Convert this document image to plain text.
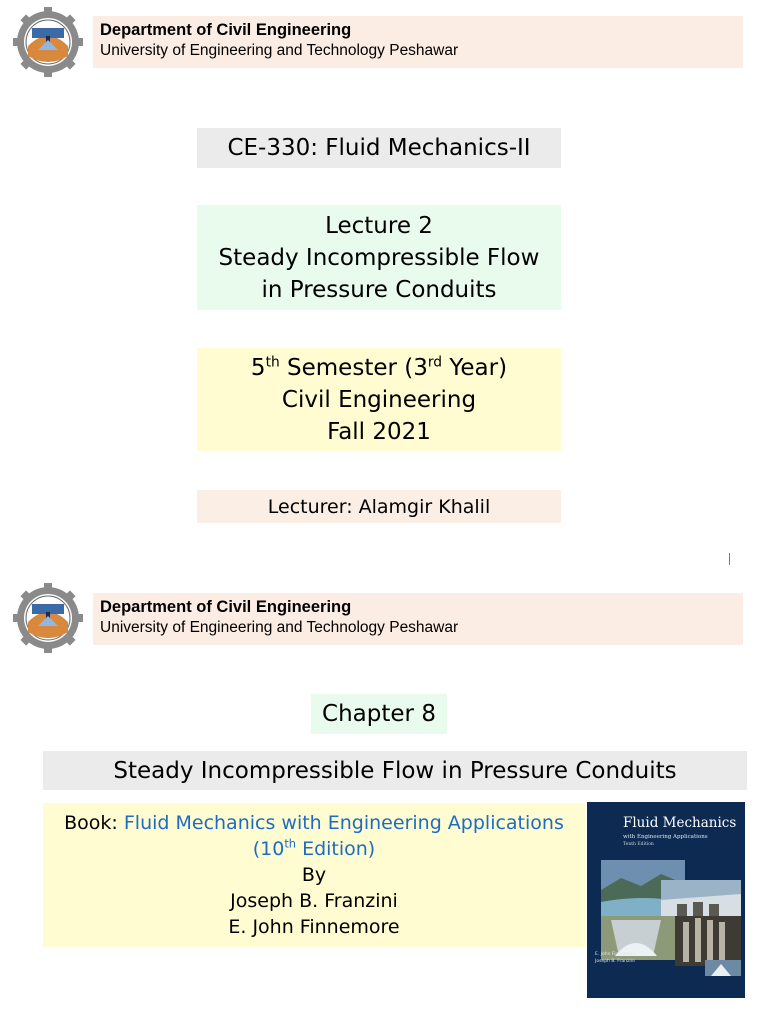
Department of Civil Engineering
University of Engineering and Technology Peshawar
CE-330: Fluid Mechanics-II
Lecture 2
Steady Incompressible Flow
in Pressure Conduits
5th Semester (3rd Year)
Civil Engineering
Fall 2021
Lecturer: Alamgir Khalil
Department of Civil Engineering
University of Engineering and Technology Peshawar
Chapter 8
Steady Incompressible Flow in Pressure Conduits
Book: Fluid Mechanics with Engineering Applications
(10th Edition)
By
Joseph B. Franzini
E. John Finnemore
Fluid Mechanics
with Engineering Applications
Tenth Edition
E. John Finnemore
Joseph B. Franzini
